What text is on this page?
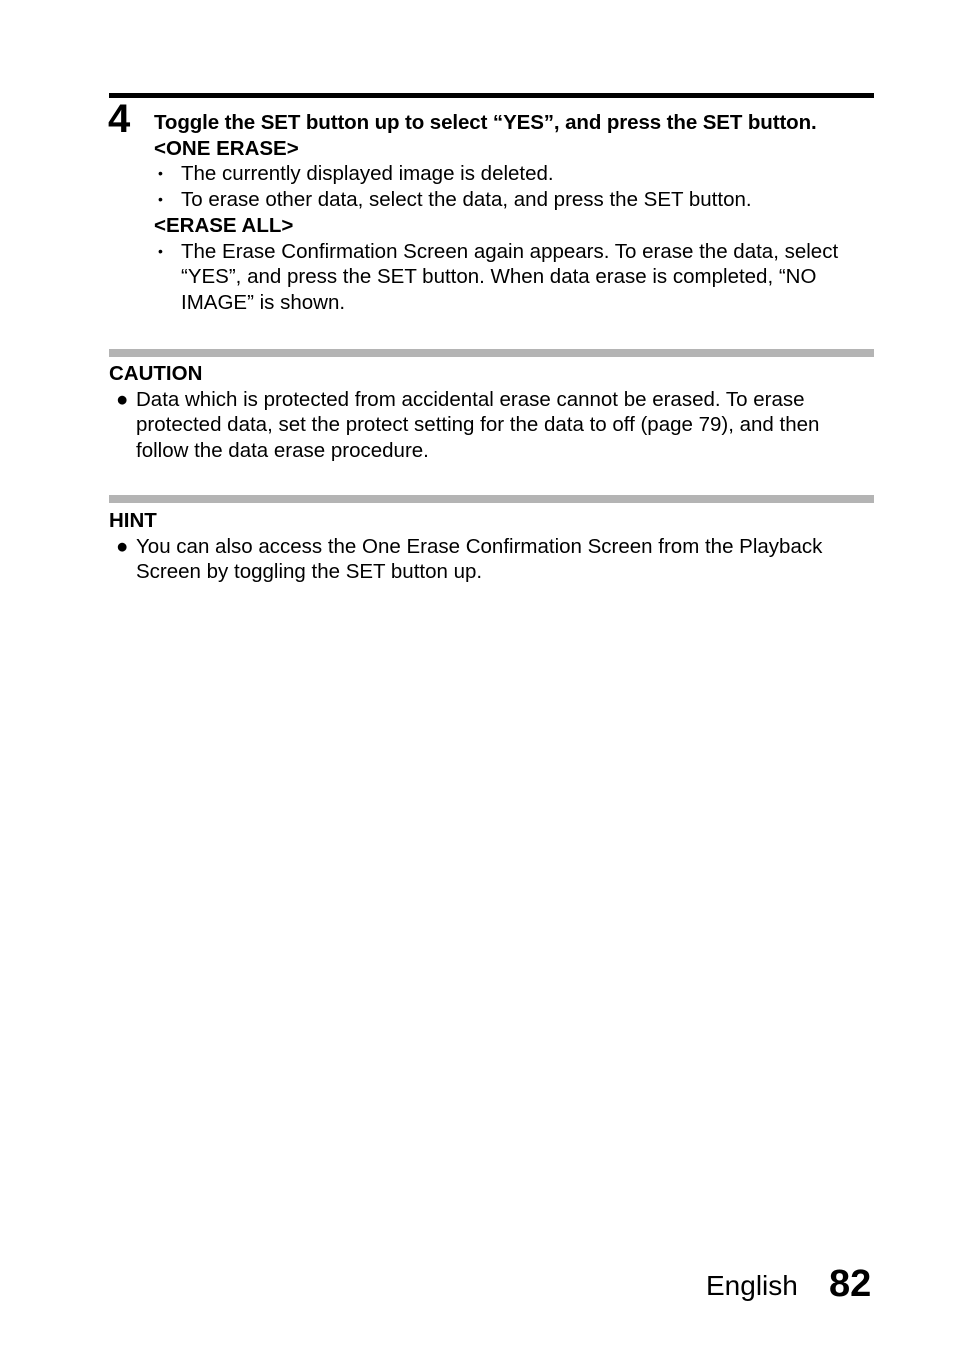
4 Toggle the SET button up to select “YES”, and press the SET button.
<ONE ERASE>
• The currently displayed image is deleted.
• To erase other data, select the data, and press the SET button.
<ERASE ALL>
• The Erase Confirmation Screen again appears. To erase the data, select “YES”, and press the SET button. When data erase is completed, “NO IMAGE” is shown.
CAUTION
● Data which is protected from accidental erase cannot be erased. To erase protected data, set the protect setting for the data to off (page 79), and then follow the data erase procedure.
HINT
● You can also access the One Erase Confirmation Screen from the Playback Screen by toggling the SET button up.
English 82
